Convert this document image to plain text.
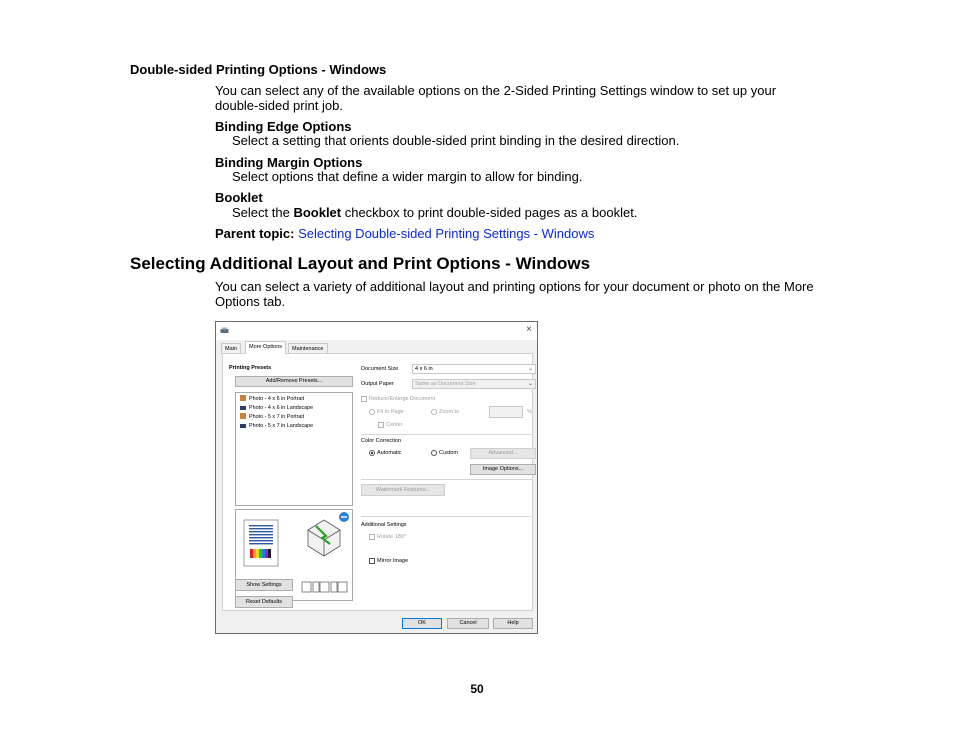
Double-sided Printing Options - Windows
You can select any of the available options on the 2-Sided Printing Settings window to set up your
double-sided print job.
Binding Edge Options
Select a setting that orients double-sided print binding in the desired direction.
Binding Margin Options
Select options that define a wider margin to allow for binding.
Booklet
Select the Booklet checkbox to print double-sided pages as a booklet.
Parent topic: Selecting Double-sided Printing Settings - Windows
Selecting Additional Layout and Print Options - Windows
You can select a variety of additional layout and printing options for your document or photo on the More
Options tab.
×
Main	More Options	Maintenance
Printing Presets
Add/Remove Presets...
Photo - 4 x 6 in Portrait
Photo - 4 x 6 in Landscape
Photo - 5 x 7 in Portrait
Photo - 5 x 7 in Landscape
Document Size	4 x 6 in	⌄
Output Paper	Same as Document Size	⌄
Reduce/Enlarge Document
Fit to Page	Zoom to	%
Center
Color Correction
Automatic	Custom	Advanced...
Image Options...
Watermark Features...
Additional Settings
Rotate 180°
Mirror Image
Show Settings
Reset Defaults
OK	Cancel	Help
50
